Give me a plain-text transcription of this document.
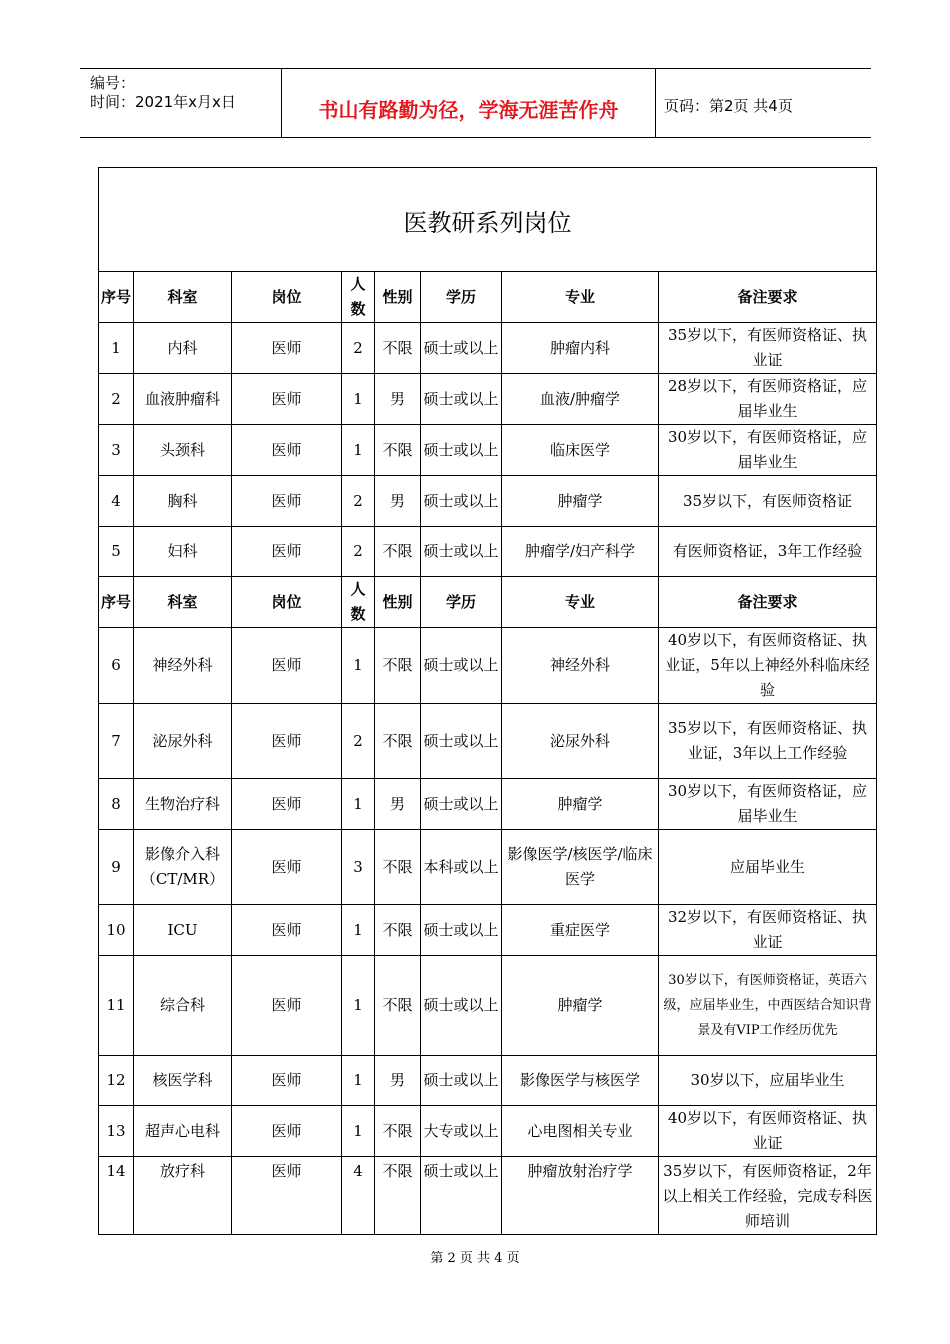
编号：
时间：2021年x月x日	书山有路勤为径，学海无涯苦作舟	页码：第2页 共4页
医教研系列岗位							
序号	科室	岗位	人数	性别	学历	专业	备注要求
1	内科	医师	2	不限	硕士或以上	肿瘤内科	35岁以下，有医师资格证、执业证
2	血液肿瘤科	医师	1	男	硕士或以上	血液/肿瘤学	28岁以下，有医师资格证，应届毕业生
3	头颈科	医师	1	不限	硕士或以上	临床医学	30岁以下，有医师资格证，应届毕业生
4	胸科	医师	2	男	硕士或以上	肿瘤学	35岁以下，有医师资格证
5	妇科	医师	2	不限	硕士或以上	肿瘤学/妇产科学	有医师资格证，3年工作经验
序号	科室	岗位	人数	性别	学历	专业	备注要求
6	神经外科	医师	1	不限	硕士或以上	神经外科	40岁以下，有医师资格证、执业证，5年以上神经外科临床经验
7	泌尿外科	医师	2	不限	硕士或以上	泌尿外科	35岁以下，有医师资格证、执业证，3年以上工作经验
8	生物治疗科	医师	1	男	硕士或以上	肿瘤学	30岁以下，有医师资格证，应届毕业生
9	影像介入科（CT/MR）	医师	3	不限	本科或以上	影像医学/核医学/临床医学	应届毕业生
10	ICU	医师	1	不限	硕士或以上	重症医学	32岁以下，有医师资格证、执业证
11	综合科	医师	1	不限	硕士或以上	肿瘤学	30岁以下，有医师资格证，英语六级，应届毕业生，中西医结合知识背景及有VIP工作经历优先
12	核医学科	医师	1	男	硕士或以上	影像医学与核医学	30岁以下，应届毕业生
13	超声心电科	医师	1	不限	大专或以上	心电图相关专业	40岁以下，有医师资格证、执业证
14	放疗科	医师	4	不限	硕士或以上	肿瘤放射治疗学	35岁以下，有医师资格证，2年以上相关工作经验，完成专科医师培训
第 2 页 共 4 页
